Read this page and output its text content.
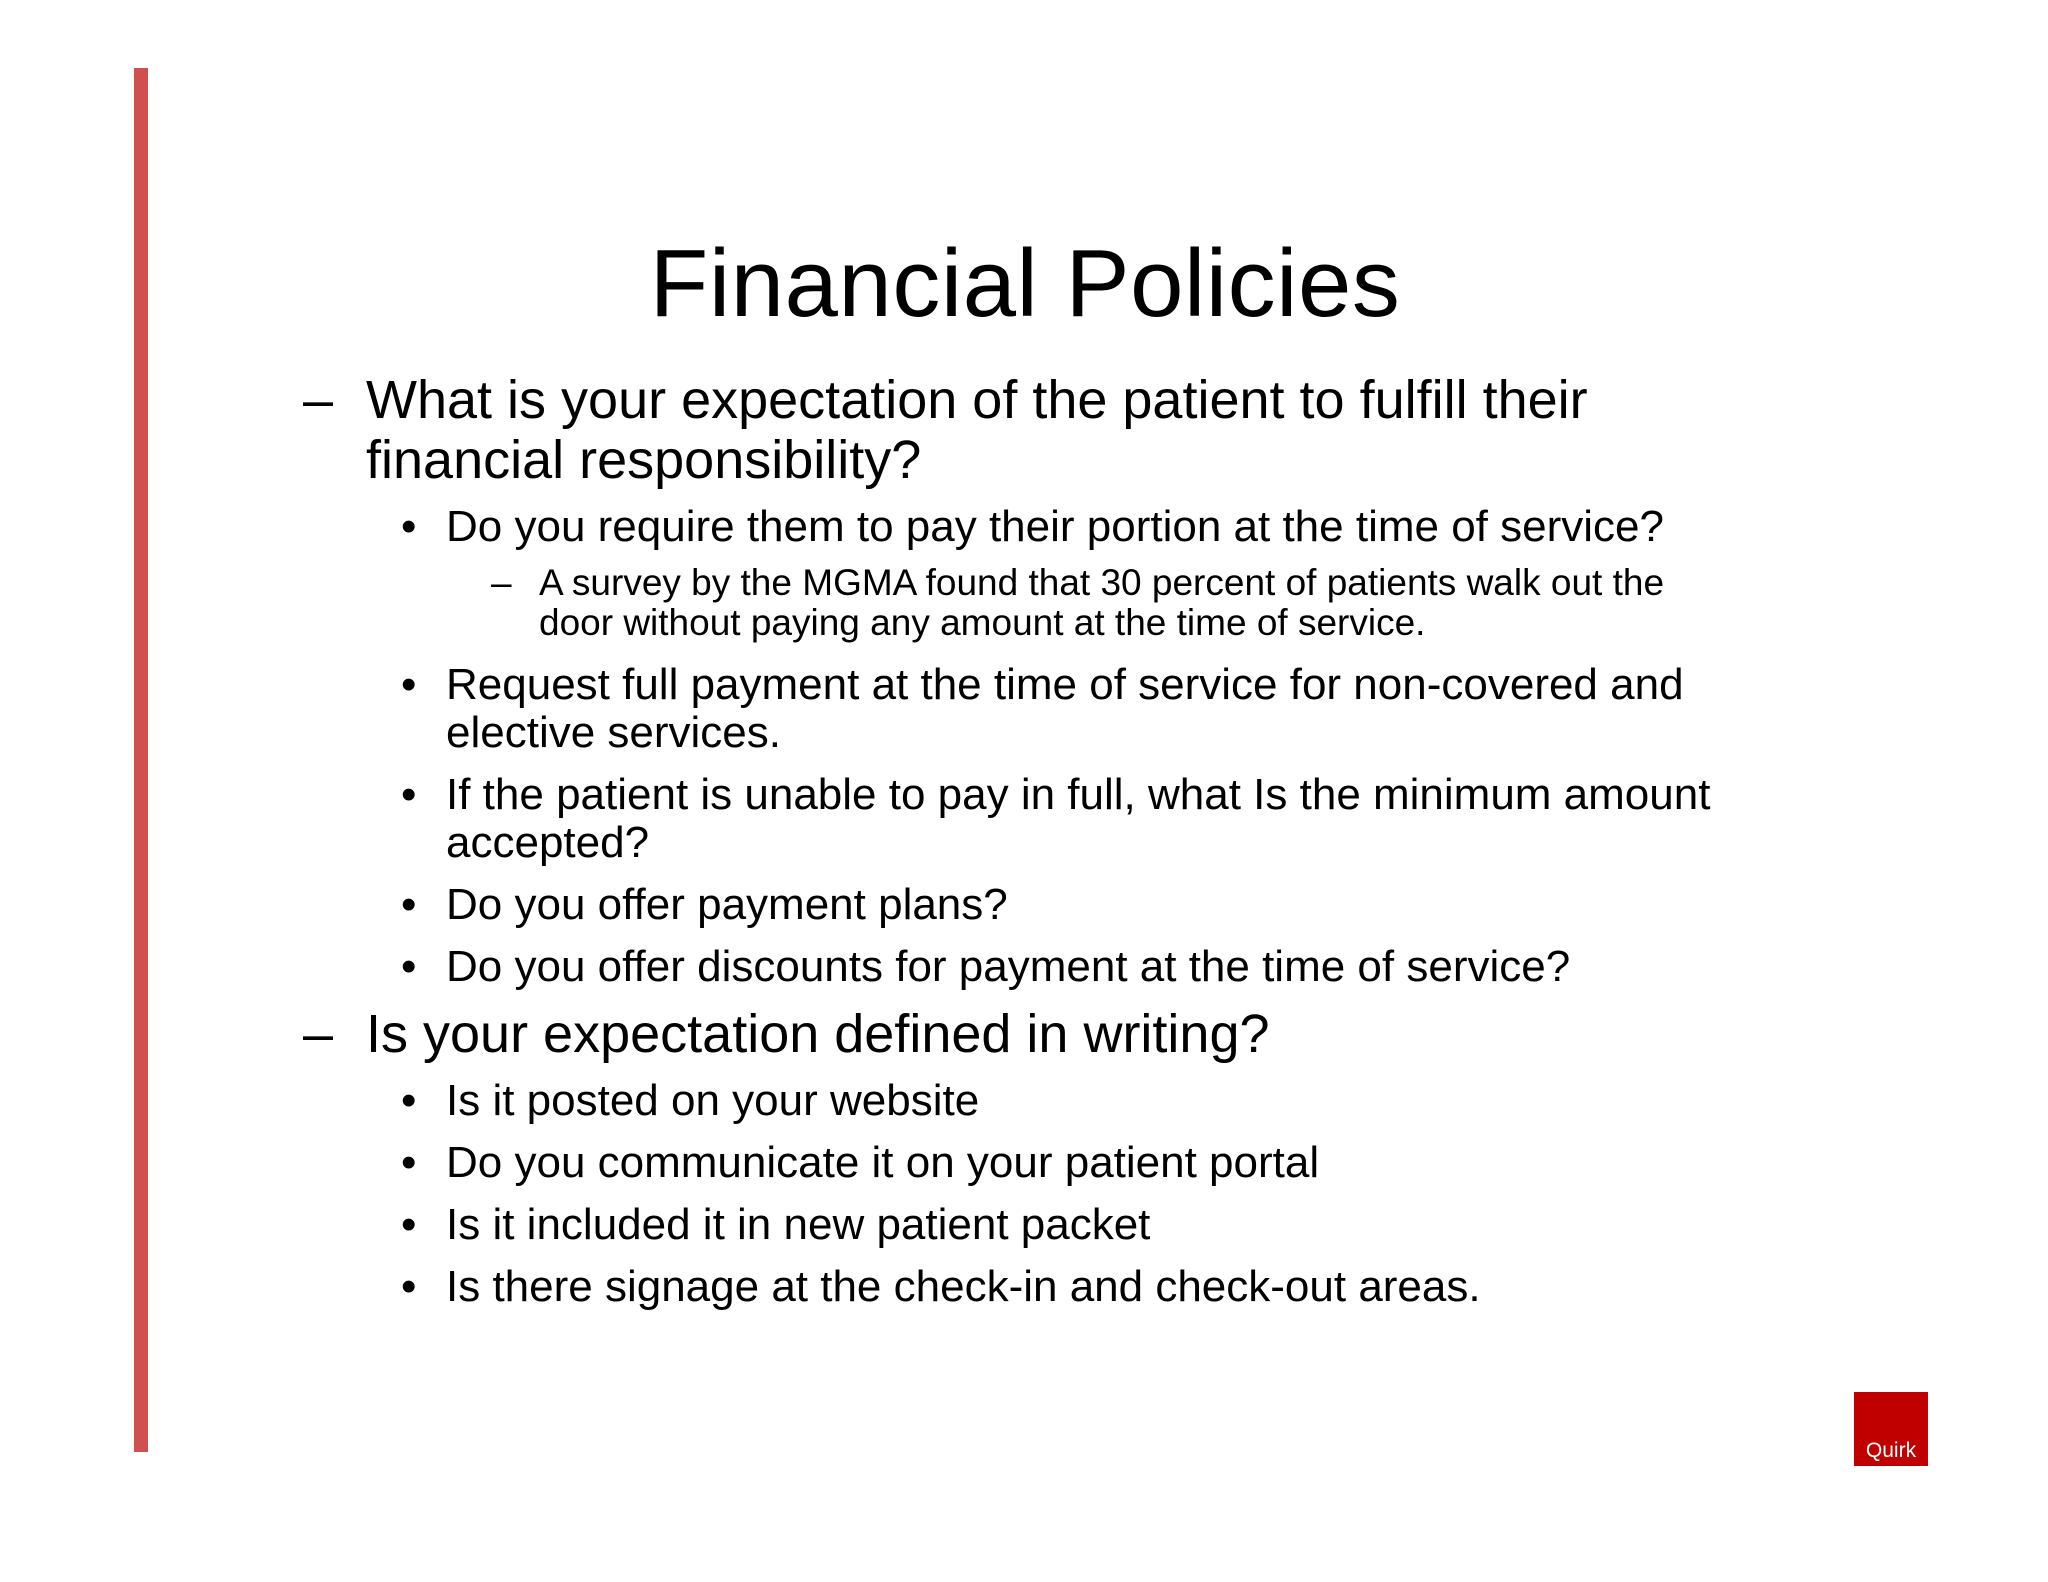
Financial Policies
– What is your expectation of the patient to fulfill their
financial responsibility?
• Do you require them to pay their portion at the time of service?
– A survey by the MGMA found that 30 percent of patients walk out the
door without paying any amount at the time of service.
• Request full payment at the time of service for non-covered and
elective services.
• If the patient is unable to pay in full, what Is the minimum amount
accepted?
• Do you offer payment plans?
• Do you offer discounts for payment at the time of service?
– Is your expectation defined in writing?
• Is it posted on your website
• Do you communicate it on your patient portal
• Is it included it in new patient packet
• Is there signage at the check-in and check-out areas.
Quirk
